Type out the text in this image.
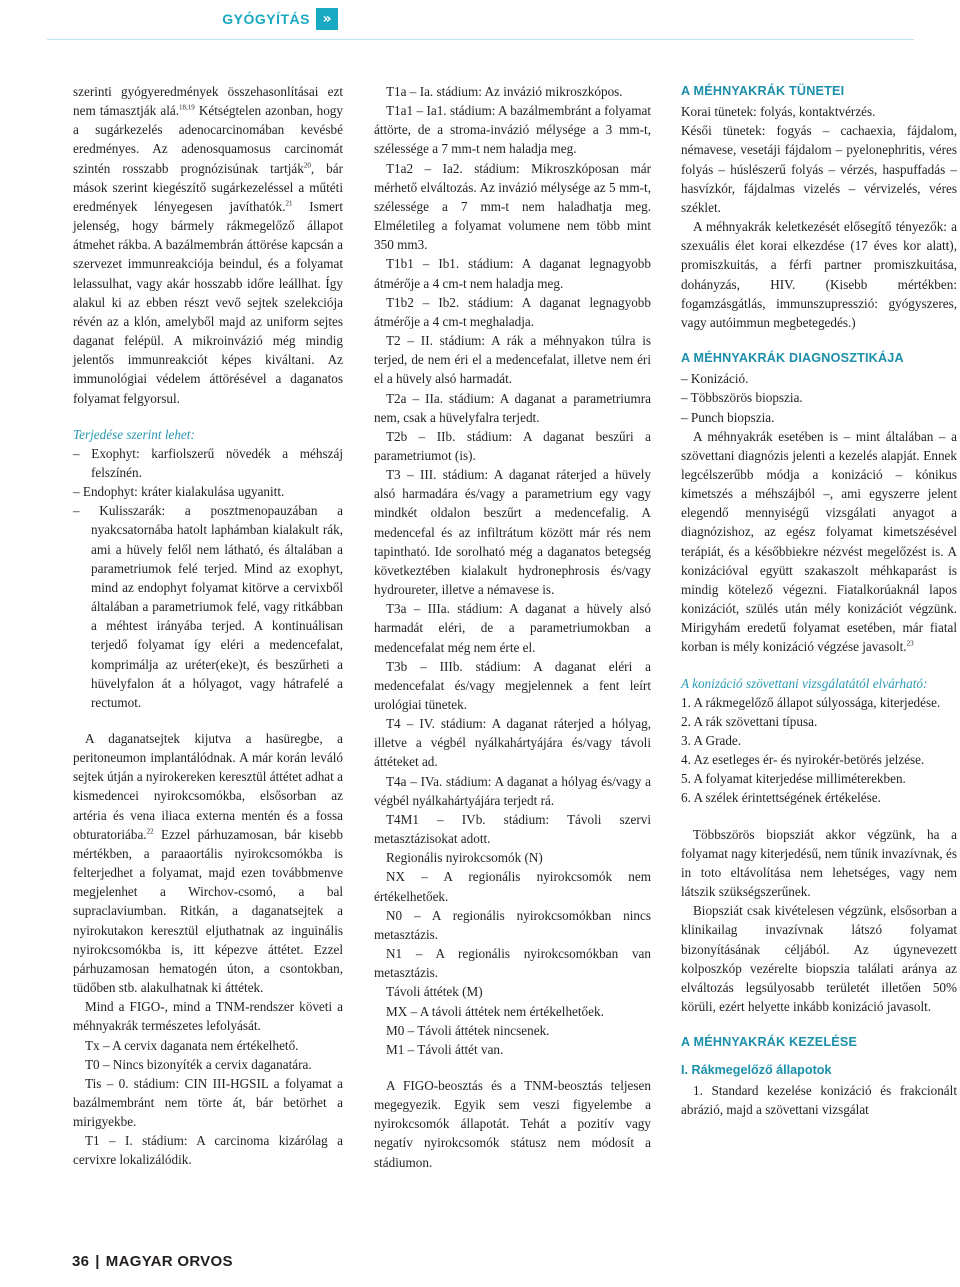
GYÓGYÍTÁS »

szerinti gyógyeredmények összehasonlításai ezt nem támasztják alá.$^{18,19}$ Kétségtelen azonban, hogy a sugárkezelés adenocarcinomában kevésbé eredményes. Az adenosquamosus carcinomát szintén rosszabb prognózisúnak tartják$^{20}$, bár mások szerint kiegészítő sugárkezeléssel a műtéti eredmények lényegesen javíthatók.$^{21}$ Ismert jelenség, hogy bármely rákmegelőző állapot átmehet rákba. A bazálmembrán áttörése kapcsán a szervezet immunreakciója beindul, és a folyamat lelassulhat, vagy akár hosszabb időre leállhat. Így alakul ki az ebben részt vevő sejtek szelekciója révén az a klón, amelyből majd az uniform sejtes daganat felépül. A mikroinvázió még mindig jelentős immunreakciót képes kiváltani. Az immunológiai védelem áttörésével a daganatos folyamat felgyorsul.

Terjedése szerint lehet:

– Exophyt: karfiolszerű növedék a méhszáj felszínén.

– Endophyt: kráter kialakulása ugyanitt.

– Kulisszarák: a posztmenopauzában a nyakcsatornába hatolt laphámban kialakult rák, ami a hüvely felől nem látható, és általában a parametriumok felé terjed. Mind az exophyt, mind az endophyt folyamat kitörve a cervixből általában a parametriumok felé, vagy ritkábban a méhtest irányába terjed. A kontinuálisan terjedő folyamat így eléri a medencefalat, komprimálja az uréter(eke)t, és beszűrheti a hüvelyfalon át a hólyagot, vagy hátrafelé a rectumot.

A daganatsejtek kijutva a hasüregbe, a peritoneumon implantálódnak. A már korán leváló sejtek útján a nyirokereken keresztül áttétet adhat a kismedencei nyirokcsomókba, elsősorban az artéria és vena iliaca externa mentén és a fossa obturatoriába.$^{22}$ Ezzel párhuzamosan, bár kisebb mértékben, a paraaortális nyirokcsomókba is felterjedhet a folyamat, majd ezen továbbmenve megjelenhet a Wirchov-csomó, a bal supraclaviumban. Ritkán, a daganatsejtek a nyirokutakon keresztül eljuthatnak az inguinális nyirokcsomókba is, itt képezve áttétet. Ezzel párhuzamosan hematogén úton, a csontokban, tüdőben stb. alakulhatnak ki áttétek.

Mind a FIGO-, mind a TNM-rendszer követi a méhnyakrák természetes lefolyását.

Tx – A cervix daganata nem értékelhető.

T0 – Nincs bizonyíték a cervix daganatára.

Tis – 0. stádium: CIN III-HGSIL a folyamat a bazálmembránt nem törte át, bár betörhet a mirigyekbe.

T1 – I. stádium: A carcinoma kizárólag a cervixre lokalizálódik.

T1a – Ia. stádium: Az invázió mikroszkópos.

T1a1 – Ia1. stádium: A bazálmembránt a folyamat áttörte, de a stroma-invázió mélysége a 3 mm-t, szélessége a 7 mm-t nem haladja meg.

T1a2 – Ia2. stádium: Mikroszkóposan már mérhető elváltozás. Az invázió mélysége az 5 mm-t, szélessége a 7 mm-t nem haladhatja meg. Elméletileg a folyamat volumene nem több mint 350 mm3.

T1b1 – Ib1. stádium: A daganat legnagyobb átmérője a 4 cm-t nem haladja meg.

T1b2 – Ib2. stádium: A daganat legnagyobb átmérője a 4 cm-t meghaladja.

T2 – II. stádium: A rák a méhnyakon túlra is terjed, de nem éri el a medencefalat, illetve nem éri el a hüvely alsó harmadát.

T2a – IIa. stádium: A daganat a parametriumra nem, csak a hüvelyfalra terjedt.

T2b – IIb. stádium: A daganat beszűri a parametriumot (is).

T3 – III. stádium: A daganat ráterjed a hüvely alsó harmadára és/vagy a parametrium egy vagy mindkét oldalon beszűrt a medencefalig. A medencefal és az infiltrátum között már rés nem tapintható. Ide sorolható még a daganatos betegség következtében kialakult hydronephrosis és/vagy hydroureter, illetve a némavese is.

T3a – IIIa. stádium: A daganat a hüvely alsó harmadát eléri, de a parametriumokban a medencefalat még nem érte el.

T3b – IIIb. stádium: A daganat eléri a medencefalat és/vagy megjelennek a fent leírt urológiai tünetek.

T4 – IV. stádium: A daganat ráterjed a hólyag, illetve a végbél nyálkahártyájára és/vagy távoli áttéteket ad.

T4a – IVa. stádium: A daganat a hólyag és/vagy a végbél nyálkahártyájára terjedt rá.

T4M1 – IVb. stádium: Távoli szervi metasztázisokat adott.

Regionális nyirokcsomók (N)

NX – A regionális nyirokcsomók nem értékelhetőek.

N0 – A regionális nyirokcsomókban nincs metasztázis.

N1 – A regionális nyirokcsomókban van metasztázis.

Távoli áttétek (M)

MX – A távoli áttétek nem értékelhetőek.

M0 – Távoli áttétek nincsenek.

M1 – Távoli áttét van.

A FIGO-beosztás és a TNM-beosztás teljesen megegyezik. Egyik sem veszi figyelembe a nyirokcsomók állapotát. Tehát a pozitív vagy negatív nyirokcsomók státusz nem módosít a stádiumon.

A MÉHNYAKRÁK TÜNETEI

Korai tünetek: folyás, kontaktvérzés.

Késői tünetek: fogyás – cachaexia, fájdalom, némavese, vesetáji fájdalom – pyelonephritis, véres folyás – húslészerű folyás – vérzés, haspuffadás – hasvízkór, fájdalmas vizelés – vérvizelés, véres széklet.

A méhnyakrák keletkezését elősegítő tényezők: a szexuális élet korai elkezdése (17 éves kor alatt), promiszkuitás, a férfi partner promiszkuitása, dohányzás, HIV. (Kisebb mértékben: fogamzásgátlás, immunszupresszió: gyógyszeres, vagy autóimmun megbetegedés.)

A MÉHNYAKRÁK DIAGNOSZTIKÁJA

– Konizáció.

– Többszörös biopszia.

– Punch biopszia.

A méhnyakrák esetében is – mint általában – a szövettani diagnózis jelenti a kezelés alapját. Ennek legcélszerűbb módja a konizáció – kónikus kimetszés a méhszájból –, ami egyszerre jelent elegendő mennyiségű vizsgálati anyagot a diagnózishoz, az egész folyamat kimetszésével terápiát, és a későbbiekre nézvést megelőzést is. A konizációval együtt szakaszolt méhkaparást is mindig kötelező végezni. Fiatalkorúaknál lapos konizációt, szülés után mély konizációt végzünk. Mirigyhám eredetű folyamat esetében, már fiatal korban is mély konizáció végzése javasolt.$^{23}$

A konizáció szövettani vizsgálatától elvárható:

1. A rákmegelőző állapot súlyossága, kiterjedése.

2. A rák szövettani típusa.

3. A Grade.

4. Az esetleges ér- és nyirokér-betörés jelzése.

5. A folyamat kiterjedése milliméterekben.

6. A szélek érintettségének értékelése.

Többszörös biopsziát akkor végzünk, ha a folyamat nagy kiterjedésű, nem tűnik invazívnak, és in toto eltávolítása nem lehetséges, vagy nem látszik szükségszerűnek.

Biopsziát csak kivételesen végzünk, elsősorban a klinikailag invazívnak látszó folyamat bizonyításának céljából. Az úgynevezett kolposzkóp vezérelte biopszia találati aránya az elváltozás legsúlyosabb területét illetően 50% körüli, ezért helyette inkább konizáció javasolt.

A MÉHNYAKRÁK KEZELÉSE

I. Rákmegelőző állapotok

1. Standard kezelése konizáció és frakcionált abrázió, majd a szövettani vizsgálat

36 | MAGYAR ORVOS
